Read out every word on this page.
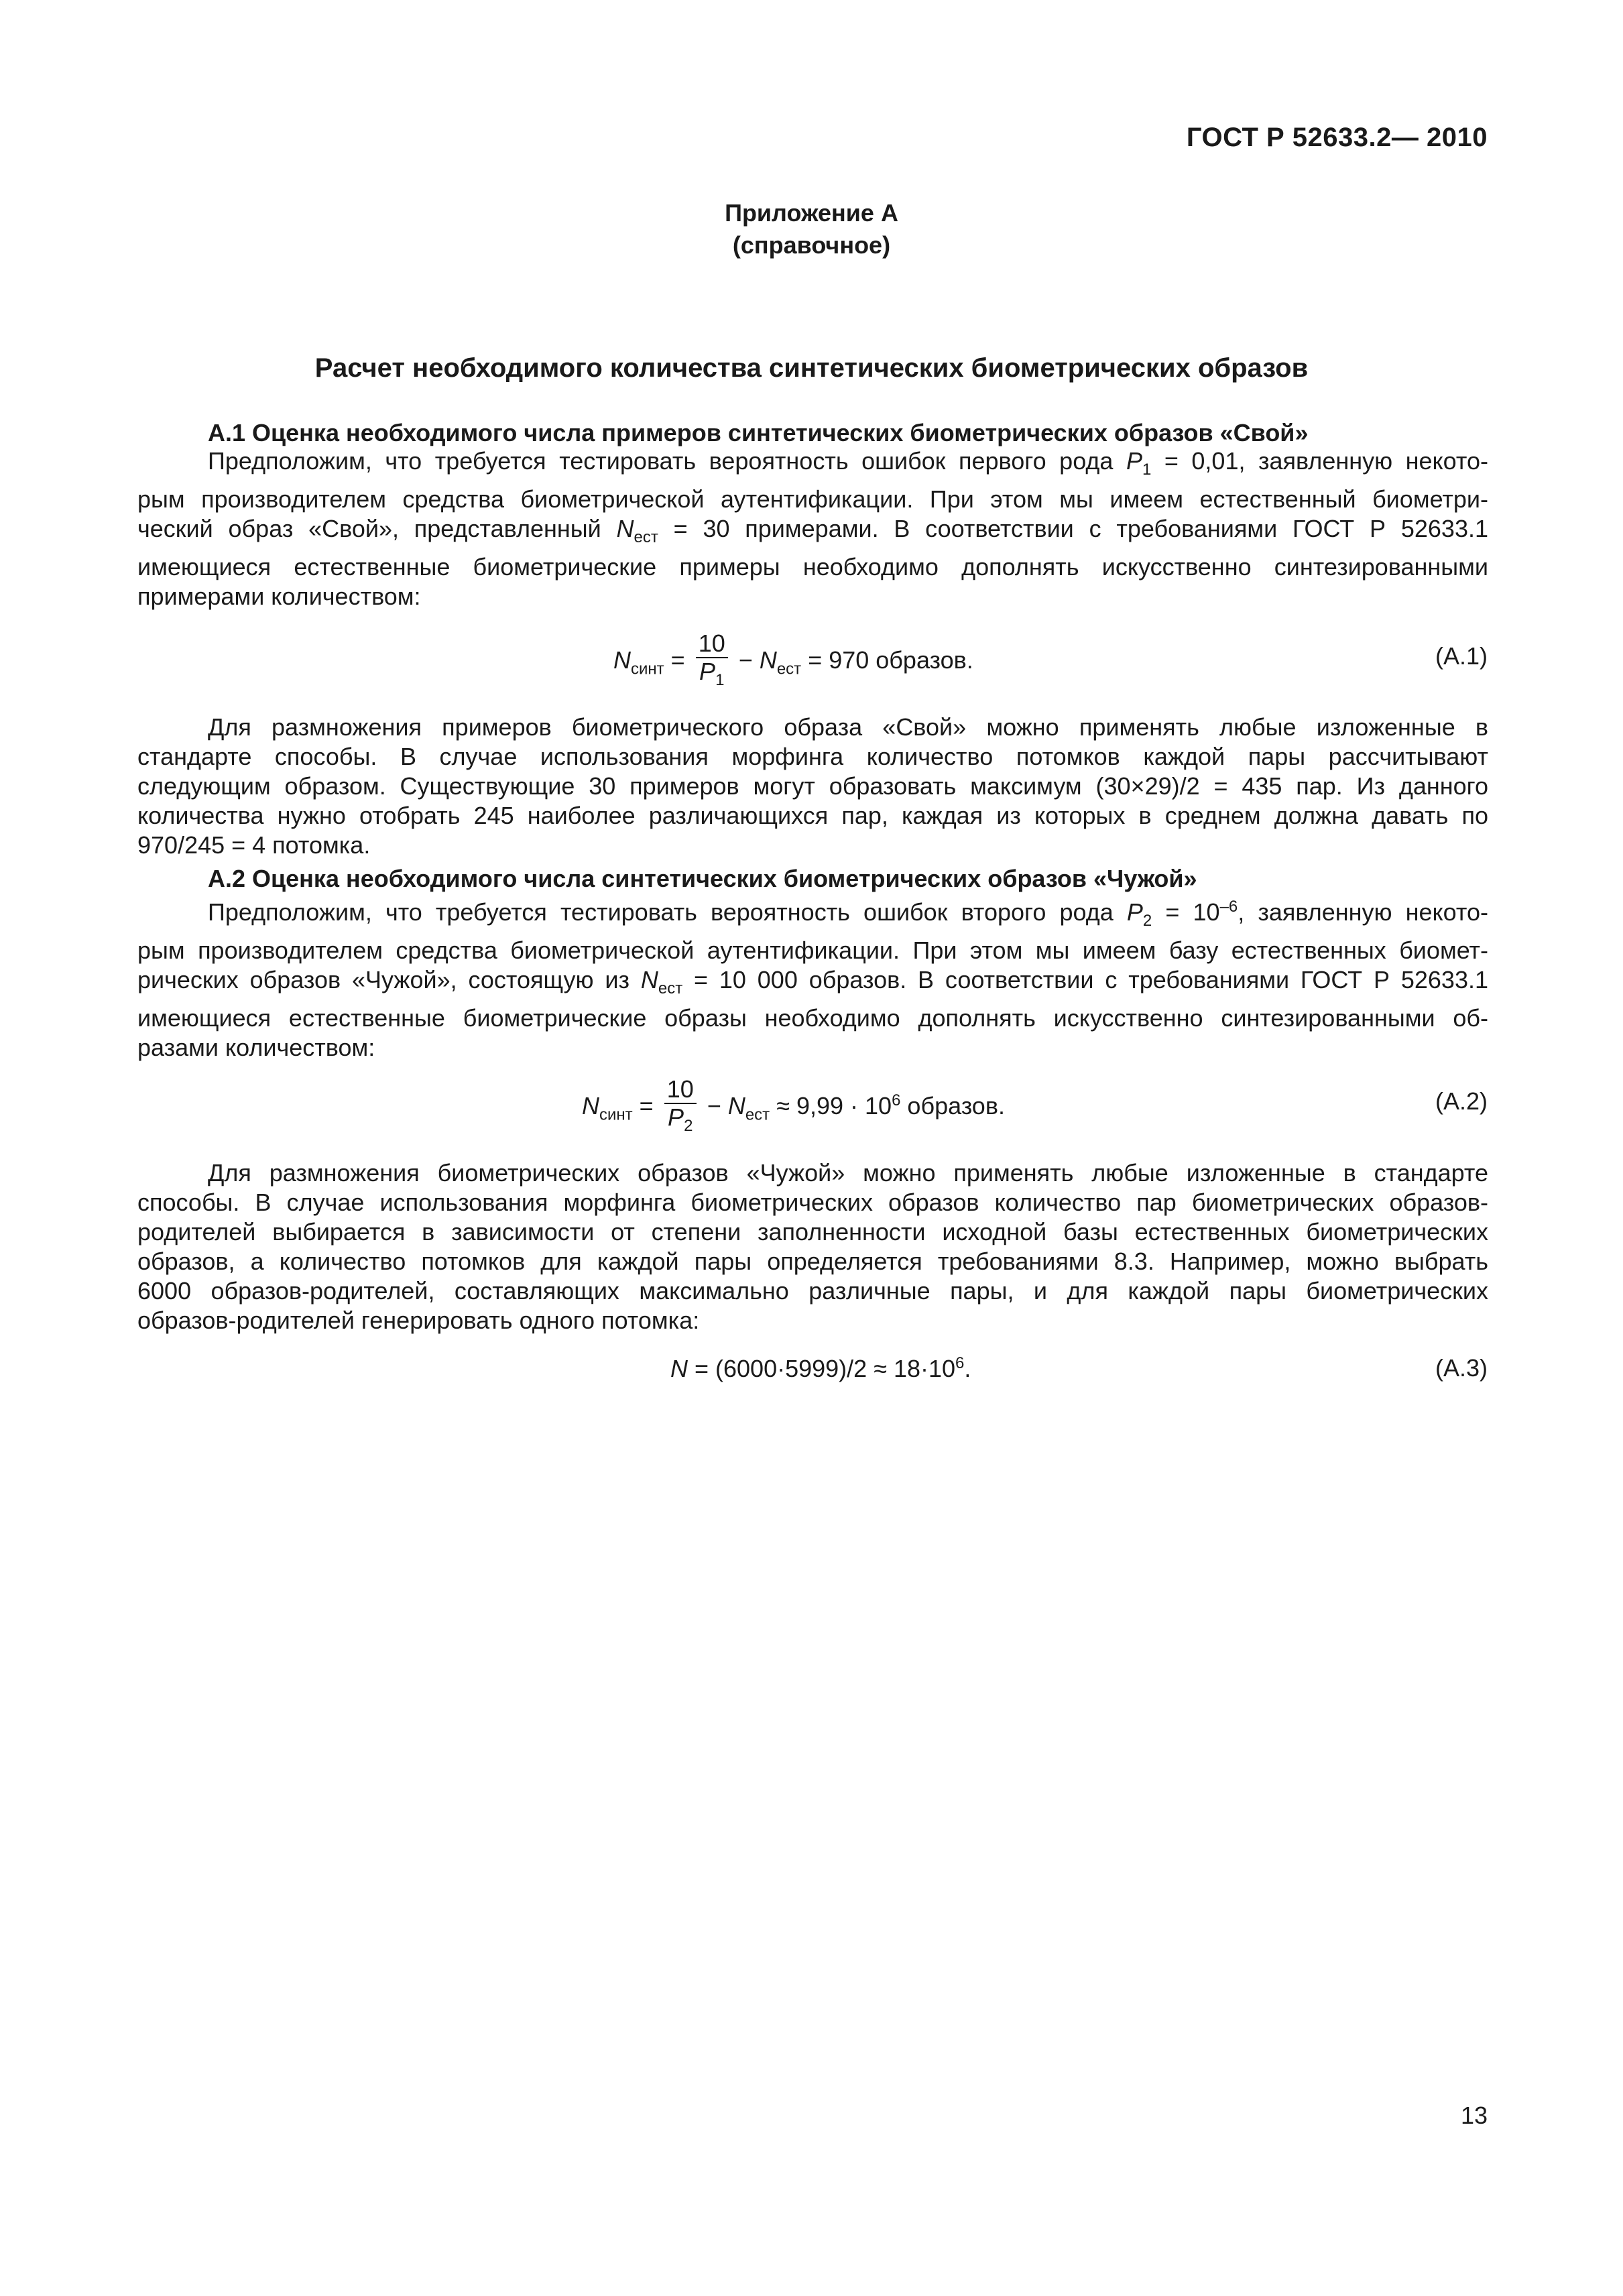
ГОСТ Р 52633.2— 2010
Приложение А
(справочное)
Расчет необходимого количества синтетических биометрических образов
А.1 Оценка необходимого числа примеров синтетических биометрических образов «Свой»
Предположим, что требуется тестировать вероятность ошибок первого рода $P_1 = 0,01$, заявленную некото-
рым производителем средства биометрической аутентификации. При этом мы имеем естественный биометри-
ческий образ «Свой», представленный $N_{ест} = 30$ примерами. В соответствии с требованиями ГОСТ Р 52633.1
имеющиеся естественные биометрические примеры необходимо дополнять искусственно синтезированными
примерами количеством:
$N_{синт} = \frac{10}{P_1} - N_{ест} = 970$ образов.	(А.1)
Для размножения примеров биометрического образа «Свой» можно применять любые изложенные в
стандарте способы. В случае использования морфинга количество потомков каждой пары рассчитывают
следующим образом. Существующие 30 примеров могут образовать максимум (30×29)/2 = 435 пар. Из данного
количества нужно отобрать 245 наиболее различающихся пар, каждая из которых в среднем должна давать по
970/245 = 4 потомка.
А.2 Оценка необходимого числа синтетических биометрических образов «Чужой»
Предположим, что требуется тестировать вероятность ошибок второго рода $P_2 = 10^{-6}$, заявленную некото-
рым производителем средства биометрической аутентификации. При этом мы имеем базу естественных биомет-
рических образов «Чужой», состоящую из $N_{ест} = 10$ 000 образов. В соответствии с требованиями ГОСТ Р 52633.1
имеющиеся естественные биометрические образы необходимо дополнять искусственно синтезированными об-
разами количеством:
$N_{синт} = \frac{10}{P_2} - N_{ест} \approx 9,99 \cdot 10^6$ образов.	(А.2)
Для размножения биометрических образов «Чужой» можно применять любые изложенные в стандарте
способы. В случае использования морфинга биометрических образов количество пар биометрических образов-
родителей выбирается в зависимости от степени заполненности исходной базы естественных биометрических
образов, а количество потомков для каждой пары определяется требованиями 8.3. Например, можно выбрать
6000 образов-родителей, составляющих максимально различные пары, и для каждой пары биометрических
образов-родителей генерировать одного потомка:
$N = (6000\cdot 5999)/2 \approx 18\cdot 10^6$.	(А.3)
13
